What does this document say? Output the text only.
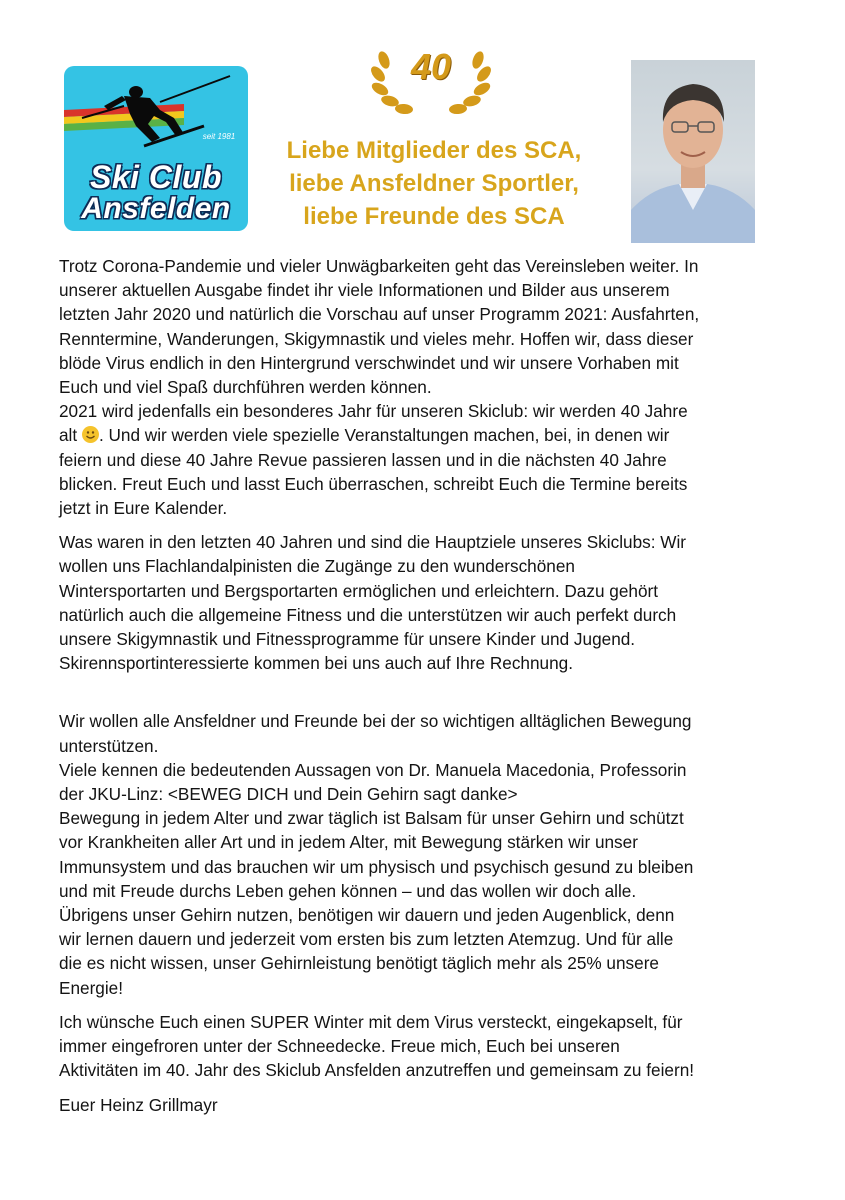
seit 1981
Ski Club
Ansfelden
40
Liebe Mitglieder des SCA,
liebe Ansfeldner Sportler,
liebe Freunde des SCA

Trotz Corona-Pandemie und vieler Unwägbarkeiten geht das Vereinsleben weiter. In
unserer aktuellen Ausgabe findet ihr viele Informationen und Bilder aus unserem
letzten Jahr 2020 und natürlich die Vorschau auf unser Programm 2021: Ausfahrten,
Renntermine, Wanderungen, Skigymnastik und vieles mehr. Hoffen wir, dass dieser
blöde Virus endlich in den Hintergrund verschwindet und wir unsere Vorhaben mit
Euch und viel Spaß durchführen werden können.
2021 wird jedenfalls ein besonderes Jahr für unseren Skiclub: wir werden 40 Jahre
alt
. Und wir werden viele spezielle Veranstaltungen machen, bei, in denen wir
feiern und diese 40 Jahre Revue passieren lassen und in die nächsten 40 Jahre
blicken. Freut Euch und lasst Euch überraschen, schreibt Euch die Termine bereits
jetzt in Eure Kalender.

Was waren in den letzten 40 Jahren und sind die Hauptziele unseres Skiclubs: Wir
wollen uns Flachlandalpinisten die Zugänge zu den wunderschönen
Wintersportarten und Bergsportarten ermöglichen und erleichtern. Dazu gehört
natürlich auch die allgemeine Fitness und die unterstützen wir auch perfekt durch
unsere Skigymnastik und Fitnessprogramme für unsere Kinder und Jugend.
Skirennsportinteressierte kommen bei uns auch auf Ihre Rechnung.

Wir wollen alle Ansfeldner und Freunde bei der so wichtigen alltäglichen Bewegung
unterstützen.
Viele kennen die bedeutenden Aussagen von Dr. Manuela Macedonia, Professorin
der JKU-Linz: <BEWEG DICH und Dein Gehirn sagt danke>
Bewegung in jedem Alter und zwar täglich ist Balsam für unser Gehirn und schützt
vor Krankheiten aller Art und in jedem Alter, mit Bewegung stärken wir unser
Immunsystem und das brauchen wir um physisch und psychisch gesund zu bleiben
und mit Freude durchs Leben gehen können – und das wollen wir doch alle.
Übrigens unser Gehirn nutzen, benötigen wir dauern und jeden Augenblick, denn
wir lernen dauern und jederzeit vom ersten bis zum letzten Atemzug. Und für alle
die es nicht wissen, unser Gehirnleistung benötigt täglich mehr als 25% unsere
Energie!

Ich wünsche Euch einen SUPER Winter mit dem Virus versteckt, eingekapselt, für
immer eingefroren unter der Schneedecke. Freue mich, Euch bei unseren
Aktivitäten im 40. Jahr des Skiclub Ansfelden anzutreffen und gemeinsam zu feiern!

Euer Heinz Grillmayr
